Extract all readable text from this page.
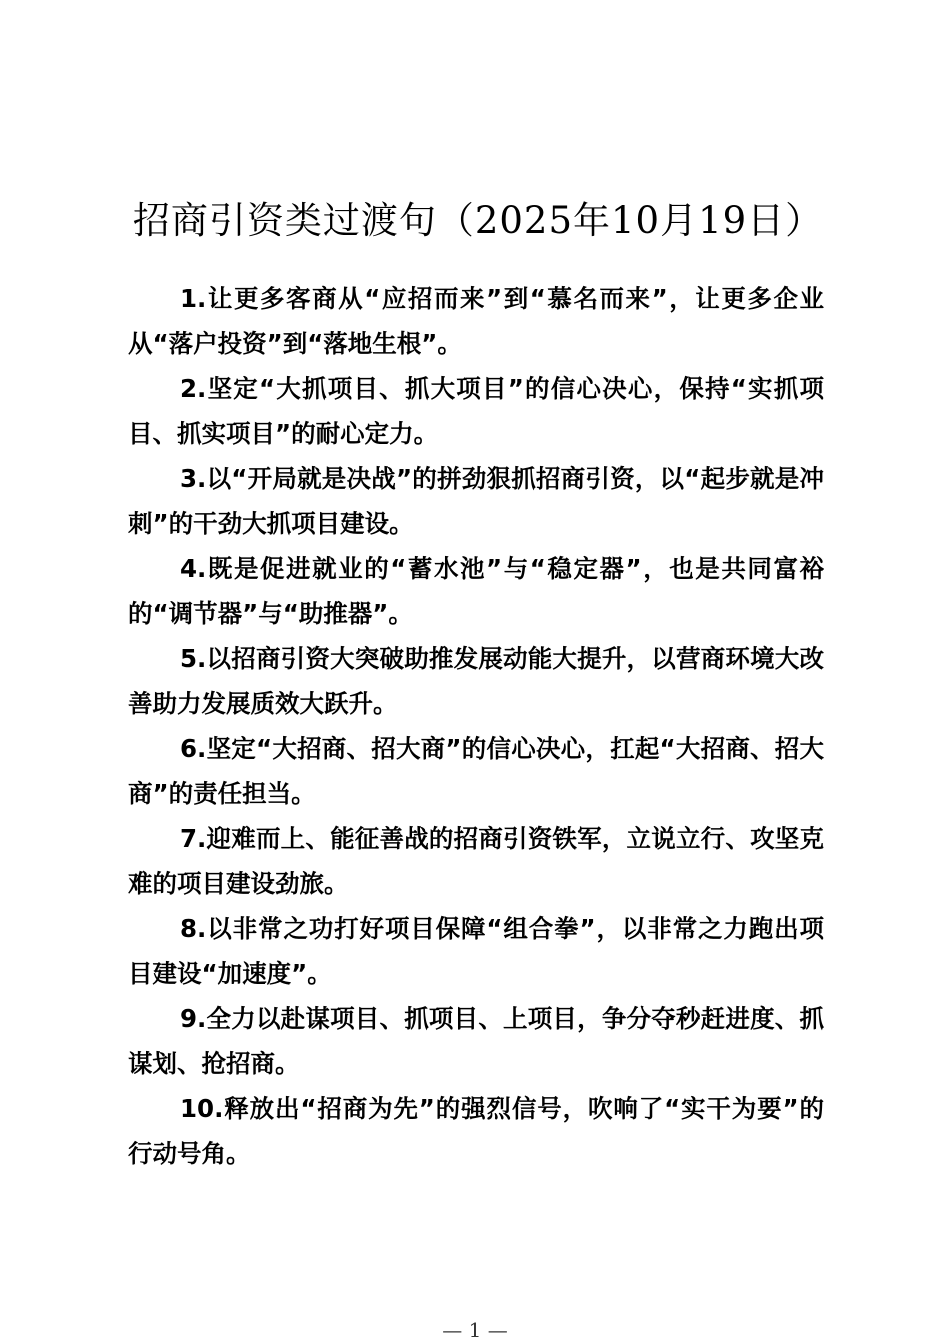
招商引资类过渡句（2025年10月19日）

1.让更多客商从“应招而来”到“慕名而来”，让更多企业从“落户投资”到“落地生根”。

2.坚定“大抓项目、抓大项目”的信心决心，保持“实抓项目、抓实项目”的耐心定力。

3.以“开局就是决战”的拼劲狠抓招商引资，以“起步就是冲刺”的干劲大抓项目建设。

4.既是促进就业的“蓄水池”与“稳定器”，也是共同富裕的“调节器”与“助推器”。

5.以招商引资大突破助推发展动能大提升，以营商环境大改善助力发展质效大跃升。

6.坚定“大招商、招大商”的信心决心，扛起“大招商、招大商”的责任担当。

7.迎难而上、能征善战的招商引资铁军，立说立行、攻坚克难的项目建设劲旅。

8.以非常之功打好项目保障“组合拳”，以非常之力跑出项目建设“加速度”。

9.全力以赴谋项目、抓项目、上项目，争分夺秒赶进度、抓谋划、抢招商。

10.释放出“招商为先”的强烈信号，吹响了“实干为要”的行动号角。

— 1 —
